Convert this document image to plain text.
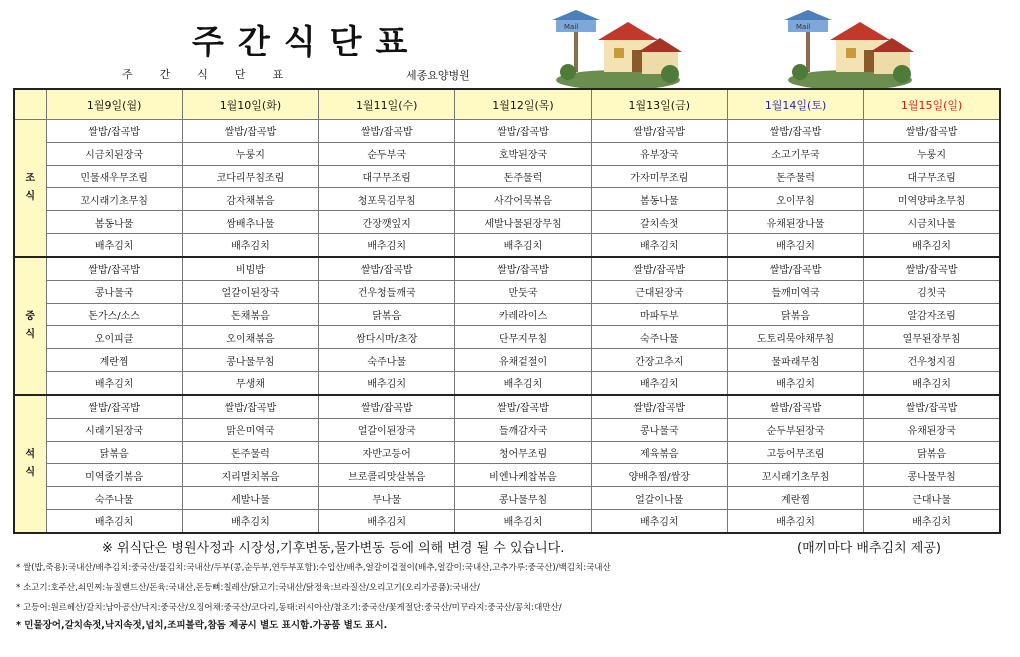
주간식단표
주간식단표	세종요양병원
Mail	Mail
	1월9일(월)	1월10일(화)	1월11일(수)	1월12일(목)	1월13일(금)	1월14일(토)	1월15일(일)

조
식	쌀밥/잡곡밥	쌀밥/잡곡밥	쌀밥/잡곡밥	쌀밥/잡곡밥	쌀밥/잡곡밥	쌀밥/잡곡밥	쌀밥/잡곡밥
	시금치된장국	누룽지	순두부국	호박된장국	유부장국	소고기무국	누룽지
	민물새우무조림	코다리무침조림	대구무조림	돈주물럭	가자미무조림	돈주물럭	대구무조림
	꼬시래기초무침	감자채볶음	청포묵김무침	사각어묵볶음	봄동나물	오이무침	미역양파초무침
	봄동나물	쌈배추나물	간장깻잎지	세발나물된장무침	갈치속젓	유채된장나물	시금치나물
	배추김치	배추김치	배추김치	배추김치	배추김치	배추김치	배추김치

중
식	쌀밥/잡곡밥	비빔밥	쌀밥/잡곡밥	쌀밥/잡곡밥	쌀밥/잡곡밥	쌀밥/잡곡밥	쌀밥/잡곡밥
	콩나물국	얼갈이된장국	건우청들깨국	만둣국	근대된장국	들깨미역국	김칫국
	돈가스/소스	돈채볶음	닭볶음	카레라이스	마파두부	닭볶음	알감자조림
	오이피클	오이채볶음	쌈다시마/초장	단무지무침	숙주나물	도토리묵야채무침	열무된장무침
	계란찜	콩나물무침	숙주나물	유채겉절이	간장고추지	물파래무침	건우청지짐
	배추김치	무생채	배추김치	배추김치	배추김치	배추김치	배추김치

석
식	쌀밥/잡곡밥	쌀밥/잡곡밥	쌀밥/잡곡밥	쌀밥/잡곡밥	쌀밥/잡곡밥	쌀밥/잡곡밥	쌀밥/잡곡밥
	시래기된장국	맑은미역국	얼갈이된장국	들깨감자국	콩나물국	순두부된장국	유채된장국
	닭볶음	돈주물럭	자반고등어	청어무조림	제육볶음	고등어무조림	닭볶음
	미역줄기볶음	지리멸치볶음	브로콜리맛살볶음	비엔나케찹볶음	양배추찜/쌈장	꼬시래기초무침	콩나물무침
	숙주나물	세발나물	무나물	콩나물무침	얼갈이나물	계란찜	근대나물
	배추김치	배추김치	배추김치	배추김치	배추김치	배추김치	배추김치
※ 위식단은 병원사정과 시장성,기후변동,물가변동 등에 의해 변경 될 수 있습니다.	(매끼마다 배추김치 제공)
* 쌀(밥,죽용):국내산/배추김치:중국산/물김치:국내산/두부(콩,순두부,연두부포함):수입산/배추,얼갈이겉절이(배추,얼갈이:국내산,고추가루:중국산)/백김치:국내산
* 소고기:호주산,쇠민찌:뉴질랜드산/돈육:국내산,돈등뼈:칠레산/닭고기:국내산/닭정육:브라질산/오리고기(오리가공품):국내산/
* 고등어:원르헤산/갈치:남아공산/낙지:중국산/오징어채:중국산/코다리,동태:러시아산/참조기:중국산/꽃게절단:중국산/미꾸라지:중국산/꽁치:대만산/
* 민물장어,갈치속젓,낙지속젓,넙치,조피볼락,참돔 제공시 별도 표시함.가공품 별도 표시.
